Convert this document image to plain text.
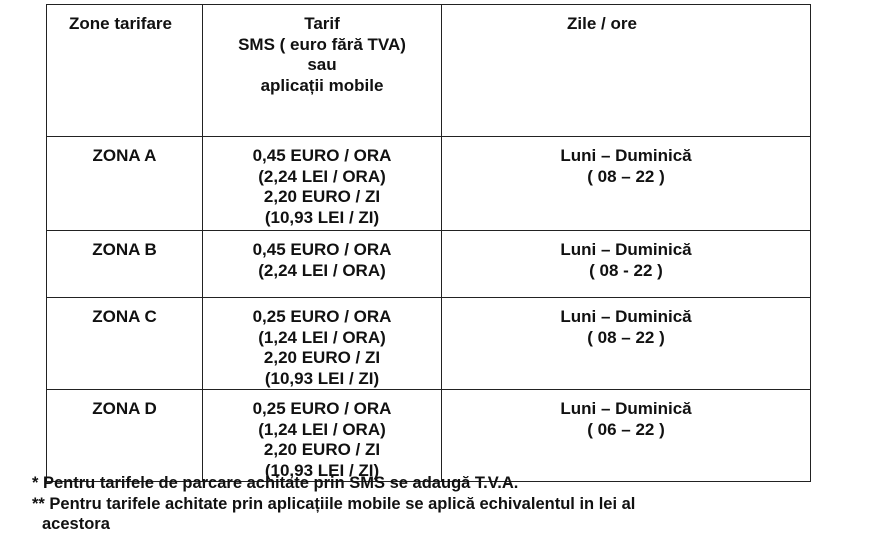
Zone tarifare	Tarif
SMS ( euro fără TVA)
sau
aplicații mobile	Zile / ore
ZONA A	0,45 EURO / ORA
(2,24 LEI / ORA)
2,20 EURO / ZI
(10,93 LEI / ZI)	Luni – Duminică
( 08 – 22 )

ZONA B	0,45 EURO / ORA
(2,24 LEI / ORA)	Luni – Duminică
( 08 - 22 )

ZONA C	0,25 EURO / ORA
(1,24 LEI / ORA)
2,20 EURO / ZI
(10,93 LEI / ZI)	Luni – Duminică
( 08 – 22 )

ZONA D	0,25 EURO / ORA
(1,24 LEI / ORA)
2,20 EURO / ZI
(10,93 LEI / ZI)	Luni – Duminică
( 06 – 22 )
* Pentru tarifele de parcare achitate prin SMS se adaugă T.V.A.
** Pentru tarifele achitate prin aplicațiile mobile se aplică echivalentul in lei al
acestora
